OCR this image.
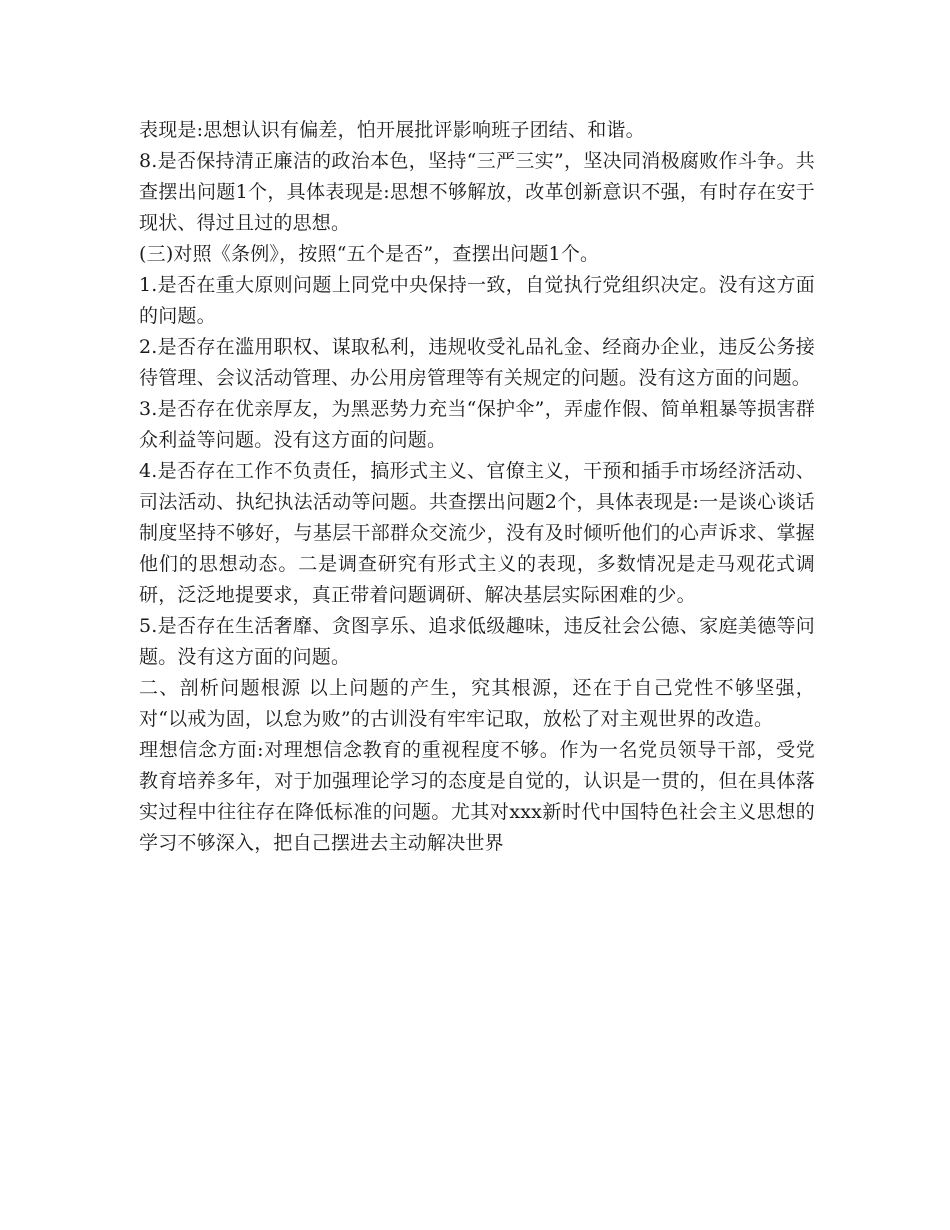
表现是:思想认识有偏差，怕开展批评影响班子团结、和谐。

8.是否保持清正廉洁的政治本色，坚持“三严三实”，坚决同消极腐败作斗争。共查摆出问题1个，具体表现是:思想不够解放，改革创新意识不强，有时存在安于现状、得过且过的思想。

(三)对照《条例》，按照“五个是否”，查摆出问题1个。

1.是否在重大原则问题上同党中央保持一致，自觉执行党组织决定。没有这方面的问题。

2.是否存在滥用职权、谋取私利，违规收受礼品礼金、经商办企业，违反公务接待管理、会议活动管理、办公用房管理等有关规定的问题。没有这方面的问题。

3.是否存在优亲厚友，为黑恶势力充当“保护伞”，弄虚作假、简单粗暴等损害群众利益等问题。没有这方面的问题。

4.是否存在工作不负责任，搞形式主义、官僚主义，干预和插手市场经济活动、司法活动、执纪执法活动等问题。共查摆出问题2个，具体表现是:一是谈心谈话制度坚持不够好，与基层干部群众交流少，没有及时倾听他们的心声诉求、掌握他们的思想动态。二是调查研究有形式主义的表现，多数情况是走马观花式调研，泛泛地提要求，真正带着问题调研、解决基层实际困难的少。

5.是否存在生活奢靡、贪图享乐、追求低级趣味，违反社会公德、家庭美德等问题。没有这方面的问题。

二、剖析问题根源 以上问题的产生，究其根源，还在于自己党性不够坚强，对“以戒为固，以怠为败”的古训没有牢牢记取，放松了对主观世界的改造。

理想信念方面:对理想信念教育的重视程度不够。作为一名党员领导干部，受党教育培养多年，对于加强理论学习的态度是自觉的，认识是一贯的，但在具体落实过程中往往存在降低标准的问题。尤其对xxx新时代中国特色社会主义思想的学习不够深入，把自己摆进去主动解决世界
